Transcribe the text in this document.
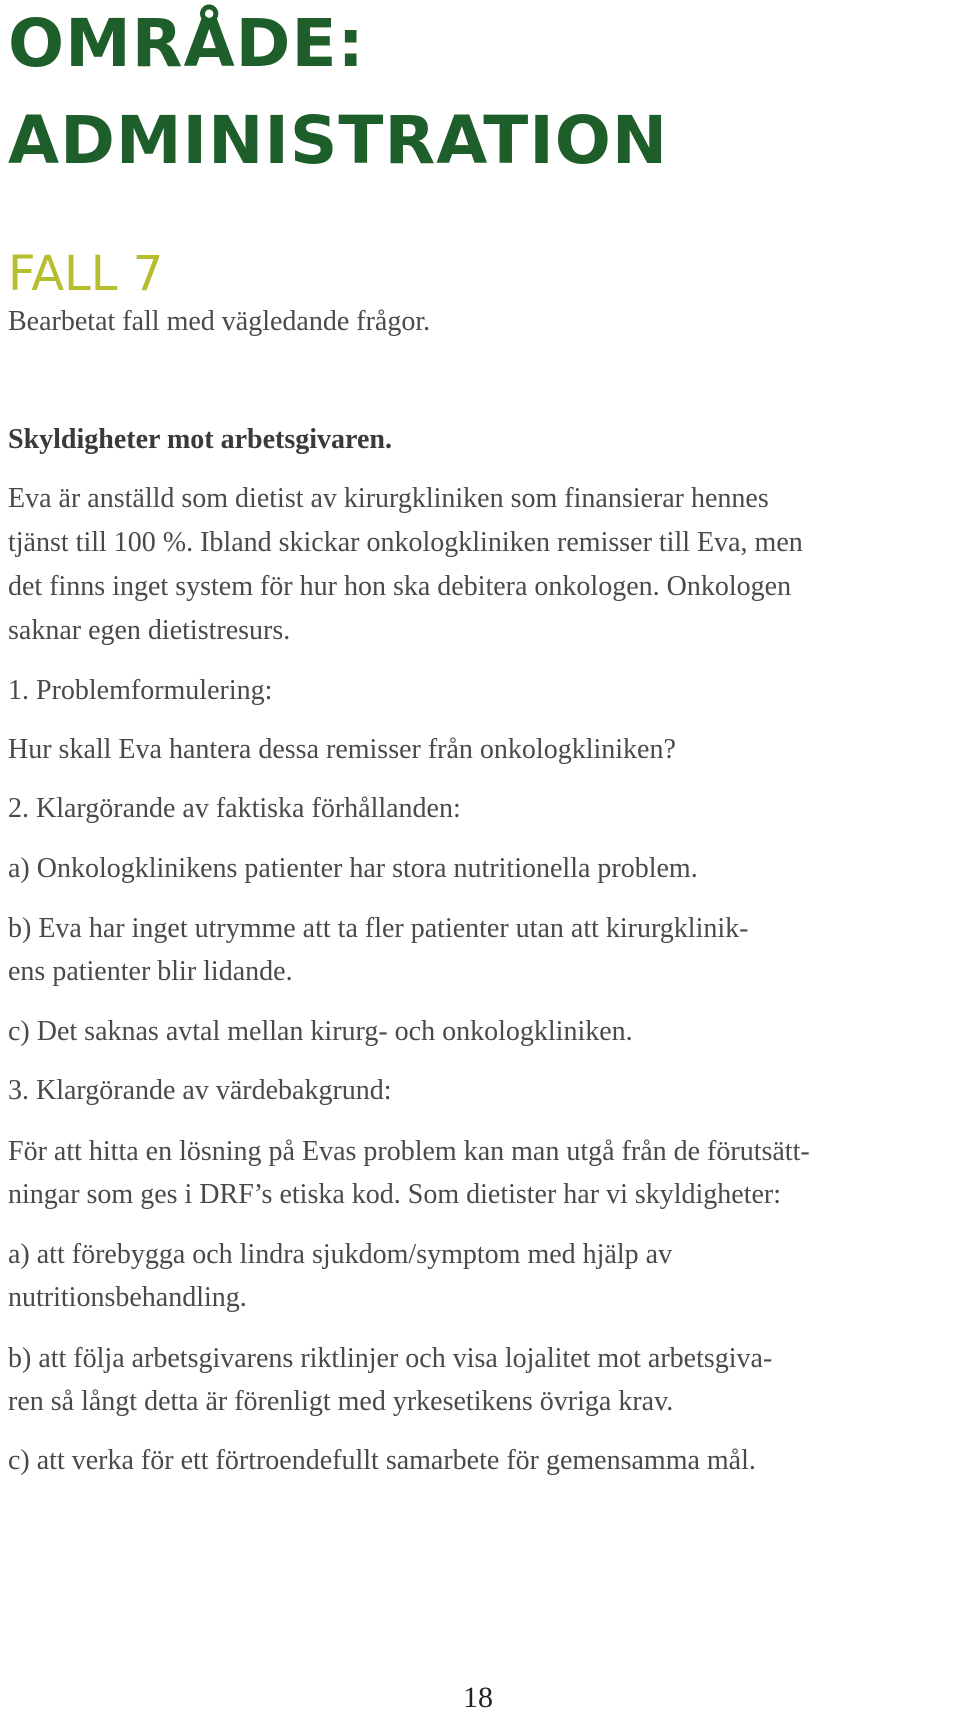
OMRÅDE:
ADMINISTRATION
FALL 7

Bearbetat fall med vägledande frågor.

Skyldigheter mot arbetsgivaren.

Eva är anställd som dietist av kirurgkliniken som finansierar hennes

tjänst till 100 %. Ibland skickar onkologkliniken remisser till Eva, men

det finns inget system för hur hon ska debitera onkologen. Onkologen

saknar egen dietistresurs.

1. Problemformulering:

Hur skall Eva hantera dessa remisser från onkologkliniken?

2. Klargörande av faktiska förhållanden:

a) Onkologklinikens patienter har stora nutritionella problem.

b) Eva har inget utrymme att ta fler patienter utan att kirurgklinik-

ens patienter blir lidande.

c) Det saknas avtal mellan kirurg- och onkologkliniken.

3. Klargörande av värdebakgrund:

För att hitta en lösning på Evas problem kan man utgå från de förutsätt-

ningar som ges i DRF’s etiska kod. Som dietister har vi skyldigheter:

a) att förebygga och lindra sjukdom/symptom med hjälp av

nutritionsbehandling.

b) att följa arbetsgivarens riktlinjer och visa lojalitet mot arbetsgiva-

ren så långt detta är förenligt med yrkesetikens övriga krav.

c) att verka för ett förtroendefullt samarbete för gemensamma mål.

18
